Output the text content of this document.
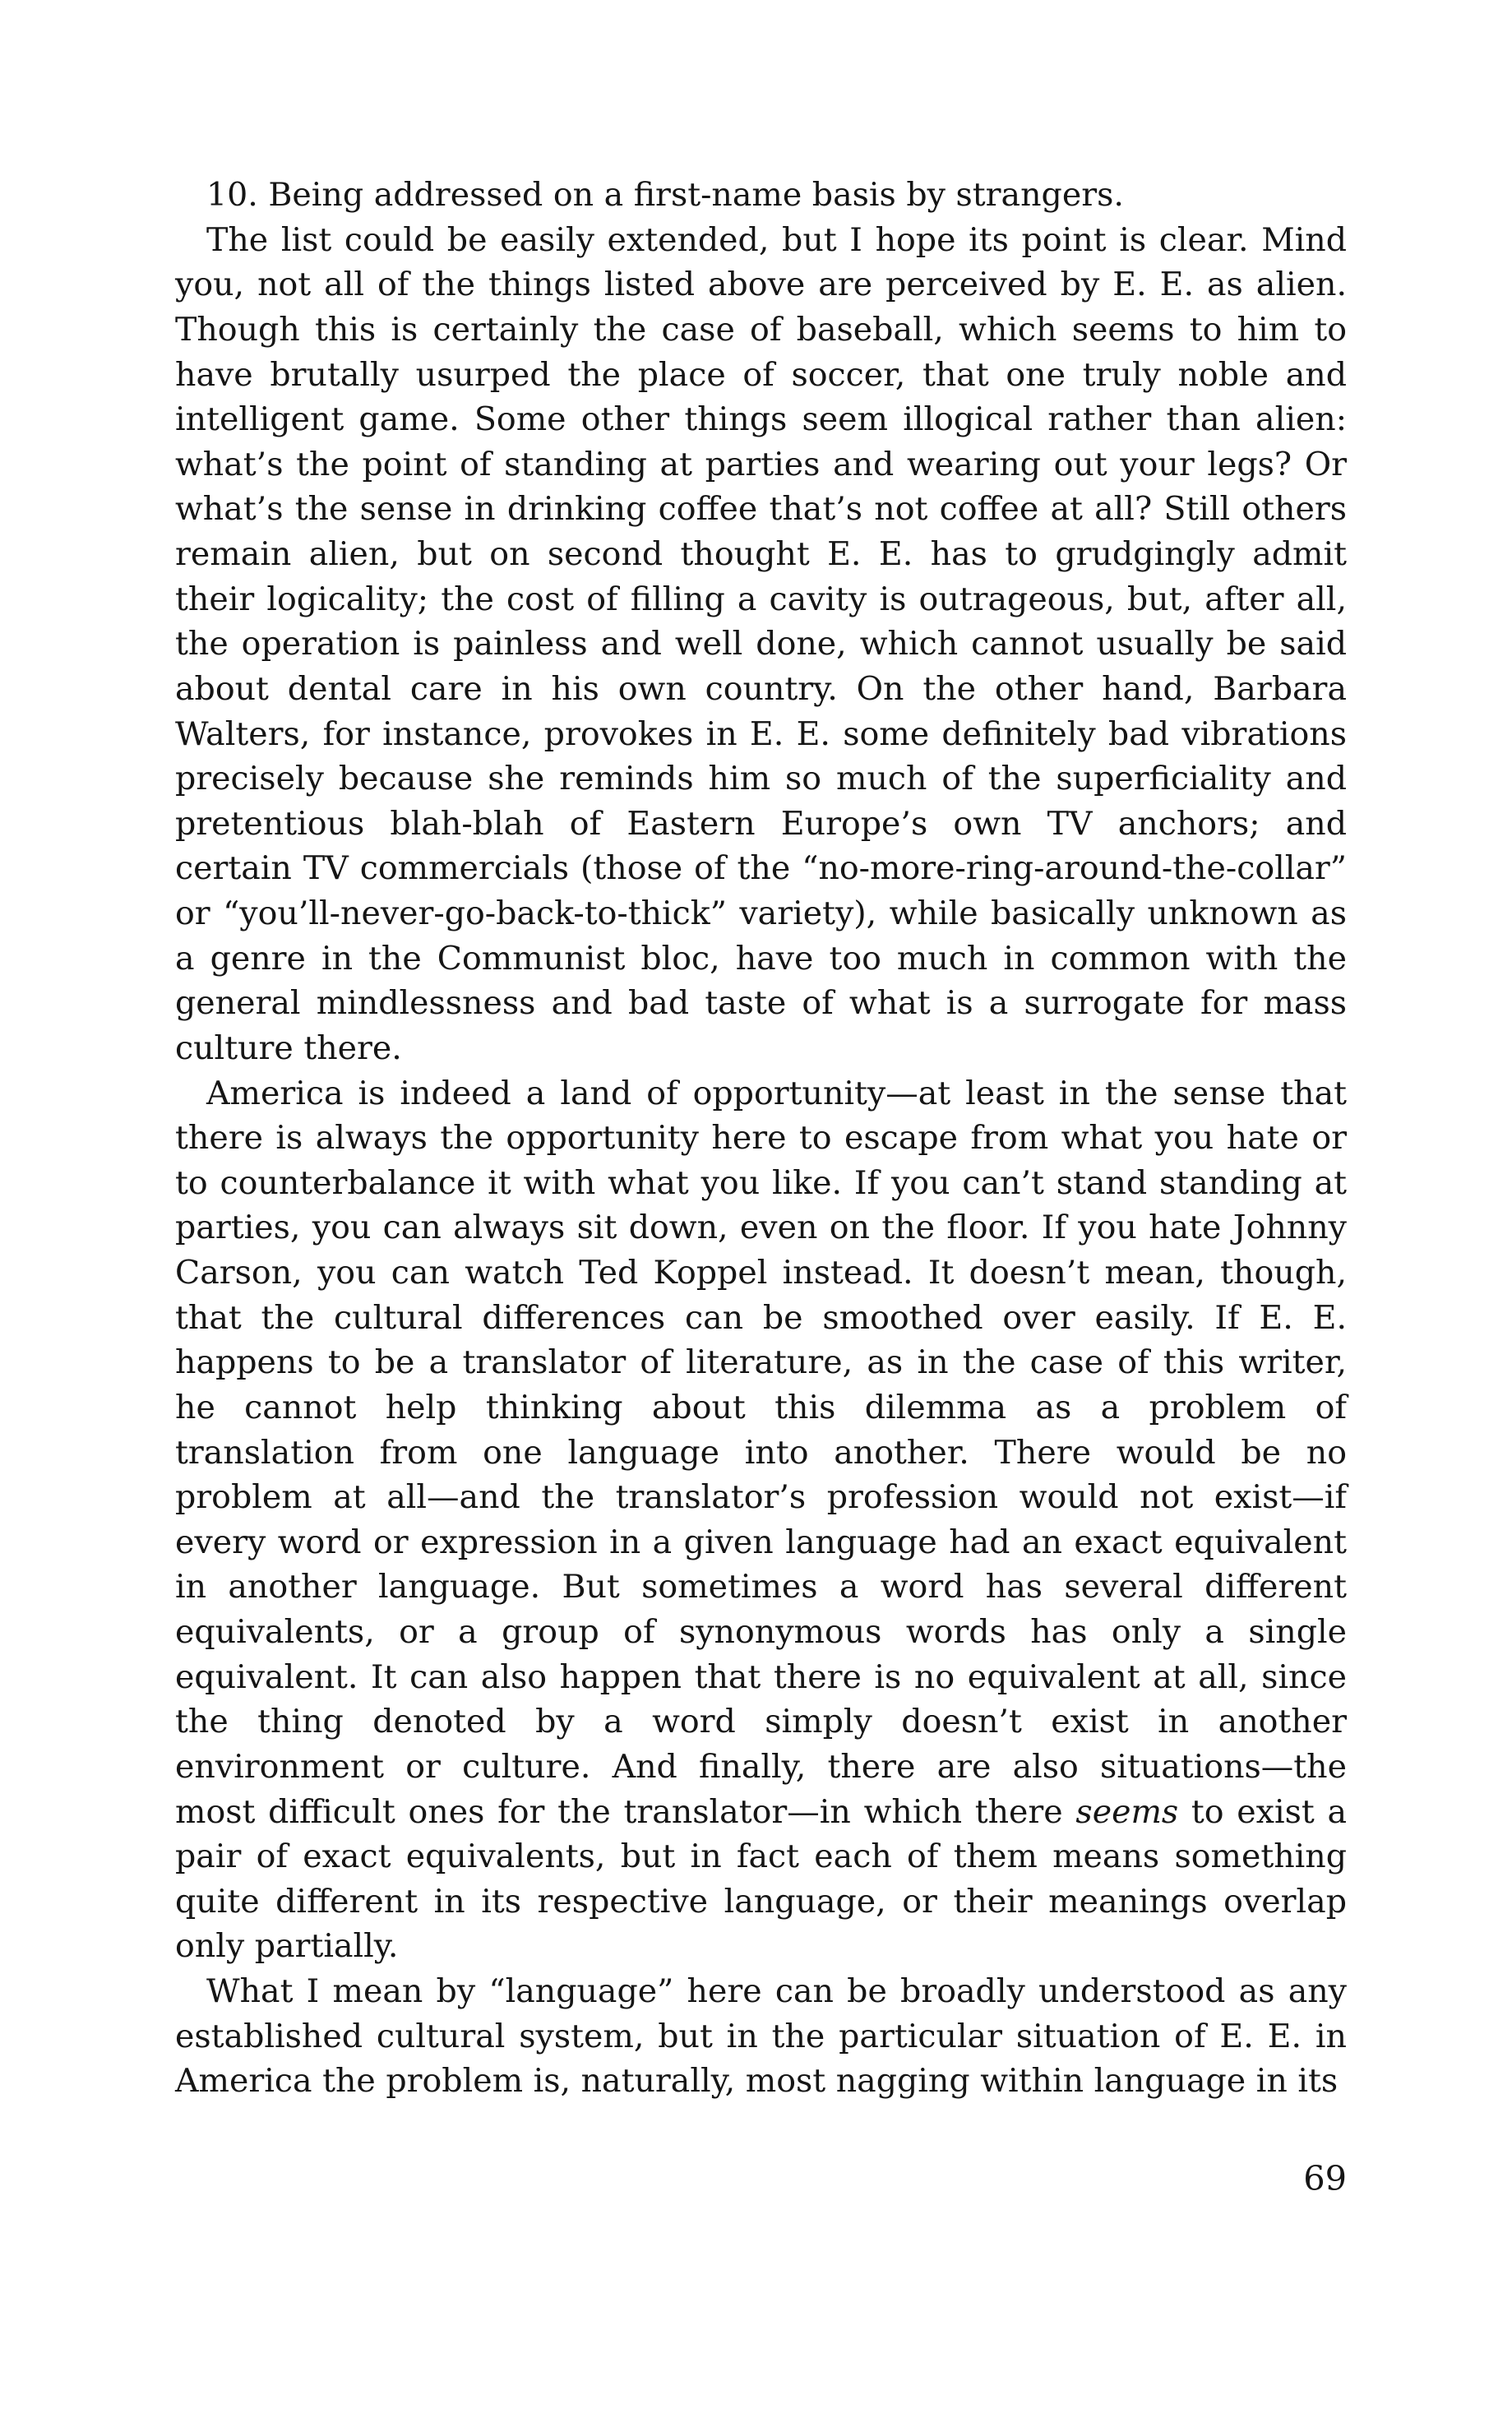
10. Being addressed on a first-name basis by strangers.

The list could be easily extended, but I hope its point is clear. Mind you, not all of the things listed above are perceived by E. E. as alien. Though this is certainly the case of baseball, which seems to him to have brutally usurped the place of soccer, that one truly noble and intelligent game. Some other things seem illogical rather than alien: what’s the point of standing at parties and wearing out your legs? Or what’s the sense in drinking coffee that’s not coffee at all? Still others remain alien, but on second thought E. E. has to grudgingly admit their logicality; the cost of filling a cavity is outrageous, but, after all, the operation is painless and well done, which cannot usually be said about dental care in his own country. On the other hand, Barbara Walters, for instance, provokes in E. E. some definitely bad vibrations precisely because she reminds him so much of the superficiality and pretentious blah-blah of Eastern Europe’s own TV anchors; and certain TV commercials (those of the “no-more-ring-around-the-collar” or “you’ll-never-go-back-to-thick” variety), while basically unknown as a genre in the Communist bloc, have too much in common with the general mindlessness and bad taste of what is a surrogate for mass culture there.

America is indeed a land of opportunity—at least in the sense that there is always the opportunity here to escape from what you hate or to counterbalance it with what you like. If you can’t stand standing at parties, you can always sit down, even on the floor. If you hate Johnny Carson, you can watch Ted Koppel instead. It doesn’t mean, though, that the cultural differences can be smoothed over easily. If E. E. happens to be a translator of literature, as in the case of this writer, he cannot help thinking about this dilemma as a problem of translation from one language into another. There would be no problem at all—and the translator’s profession would not exist—if every word or expression in a given language had an exact equivalent in another language. But sometimes a word has several different equivalents, or a group of synonymous words has only a single equivalent. It can also happen that there is no equivalent at all, since the thing denoted by a word simply doesn’t exist in another environment or culture. And finally, there are also situations—the most difficult ones for the translator—in which there seems to exist a pair of exact equivalents, but in fact each of them means something quite different in its respective language, or their meanings overlap only partially.

What I mean by “language” here can be broadly understood as any established cultural system, but in the particular situation of E. E. in America the problem is, naturally, most nagging within language in its

69
